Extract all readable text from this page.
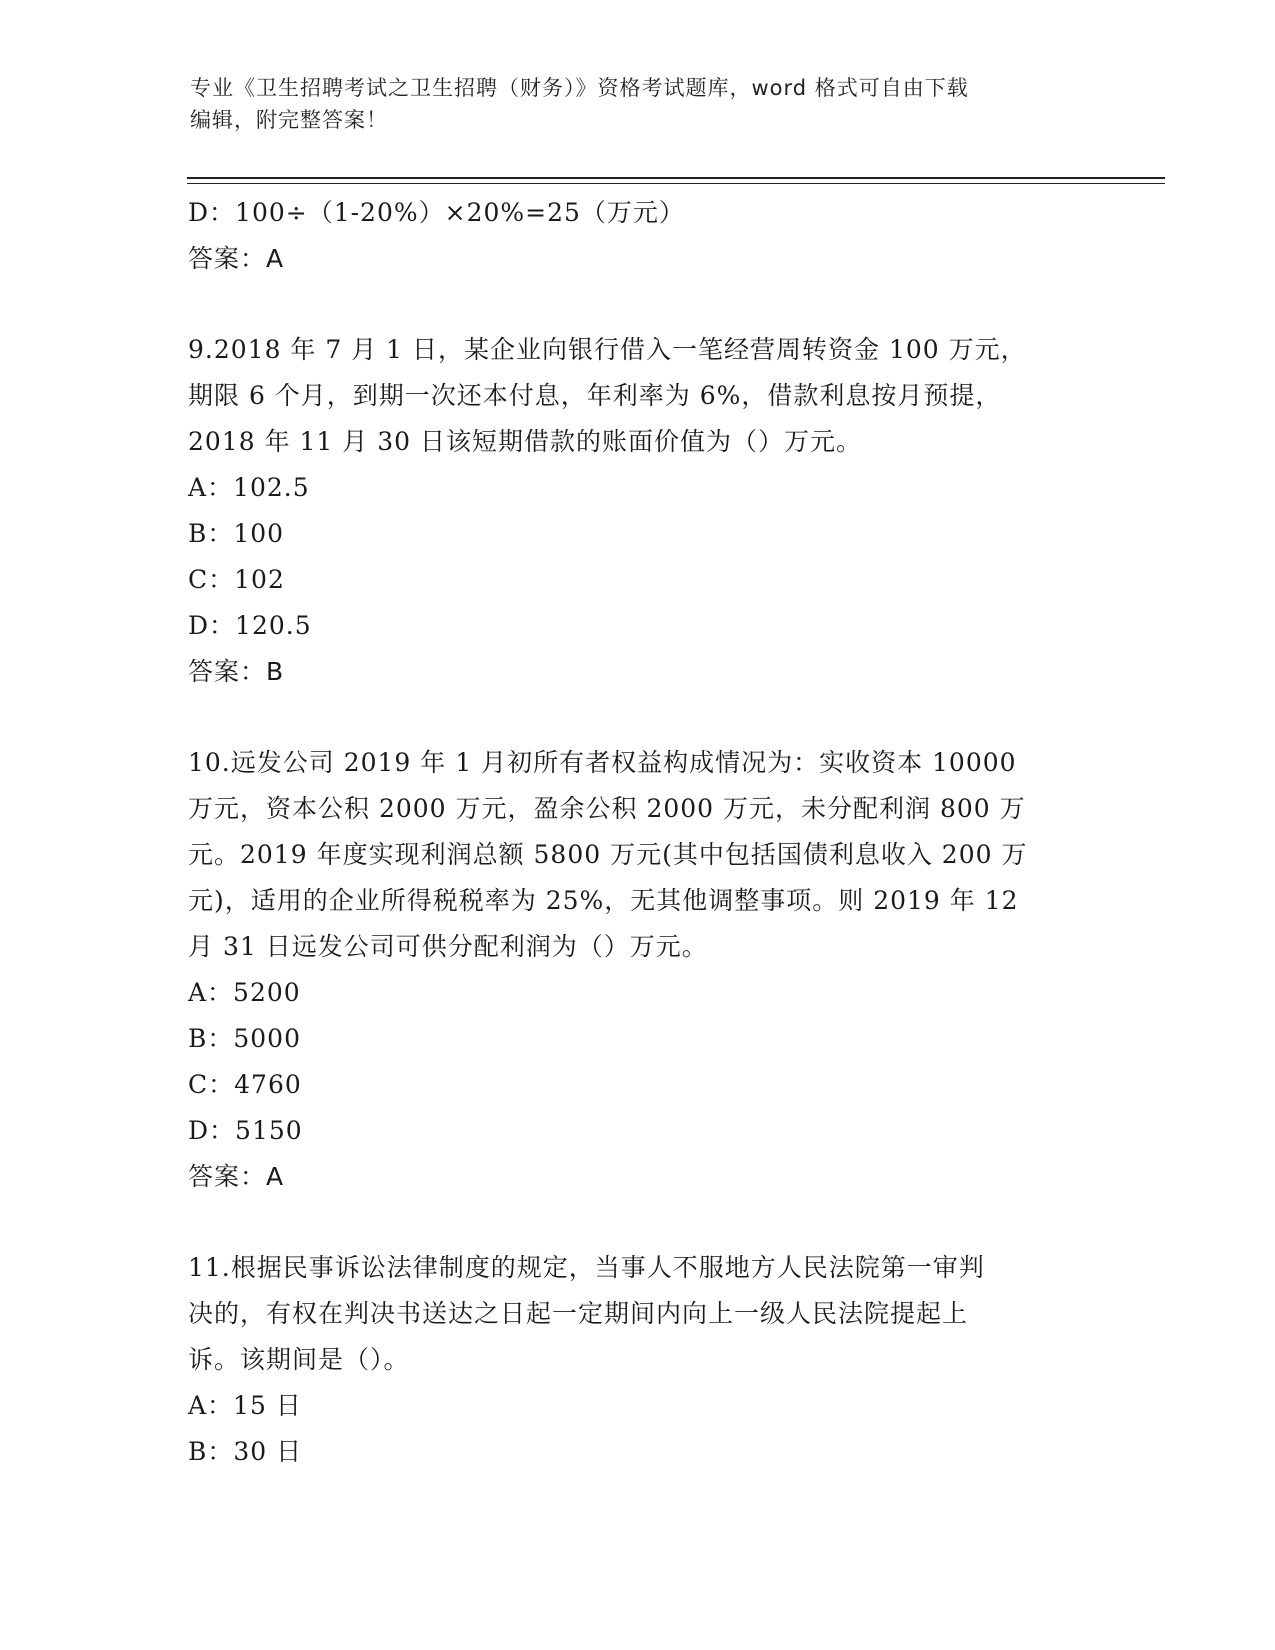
专业《卫生招聘考试之卫生招聘（财务）》资格考试题库，word 格式可自由下载
编辑，附完整答案！
D：100÷（1-20%）×20%=25（万元）
答案：A
9.2018 年 7 月 1 日，某企业向银行借入一笔经营周转资金 100 万元，
期限 6 个月，到期一次还本付息，年利率为 6%，借款利息按月预提，
2018 年 11 月 30 日该短期借款的账面价值为（）万元。
A：102.5
B：100
C：102
D：120.5
答案：B
10.远发公司 2019 年 1 月初所有者权益构成情况为：实收资本 10000
万元，资本公积 2000 万元，盈余公积 2000 万元，未分配利润 800 万
元。2019 年度实现利润总额 5800 万元(其中包括国债利息收入 200 万
元)，适用的企业所得税税率为 25%，无其他调整事项。则 2019 年 12
月 31 日远发公司可供分配利润为（）万元。
A：5200
B：5000
C：4760
D：5150
答案：A
11.根据民事诉讼法律制度的规定，当事人不服地方人民法院第一审判
决的，有权在判决书送达之日起一定期间内向上一级人民法院提起上
诉。该期间是（）。
A：15 日
B：30 日
